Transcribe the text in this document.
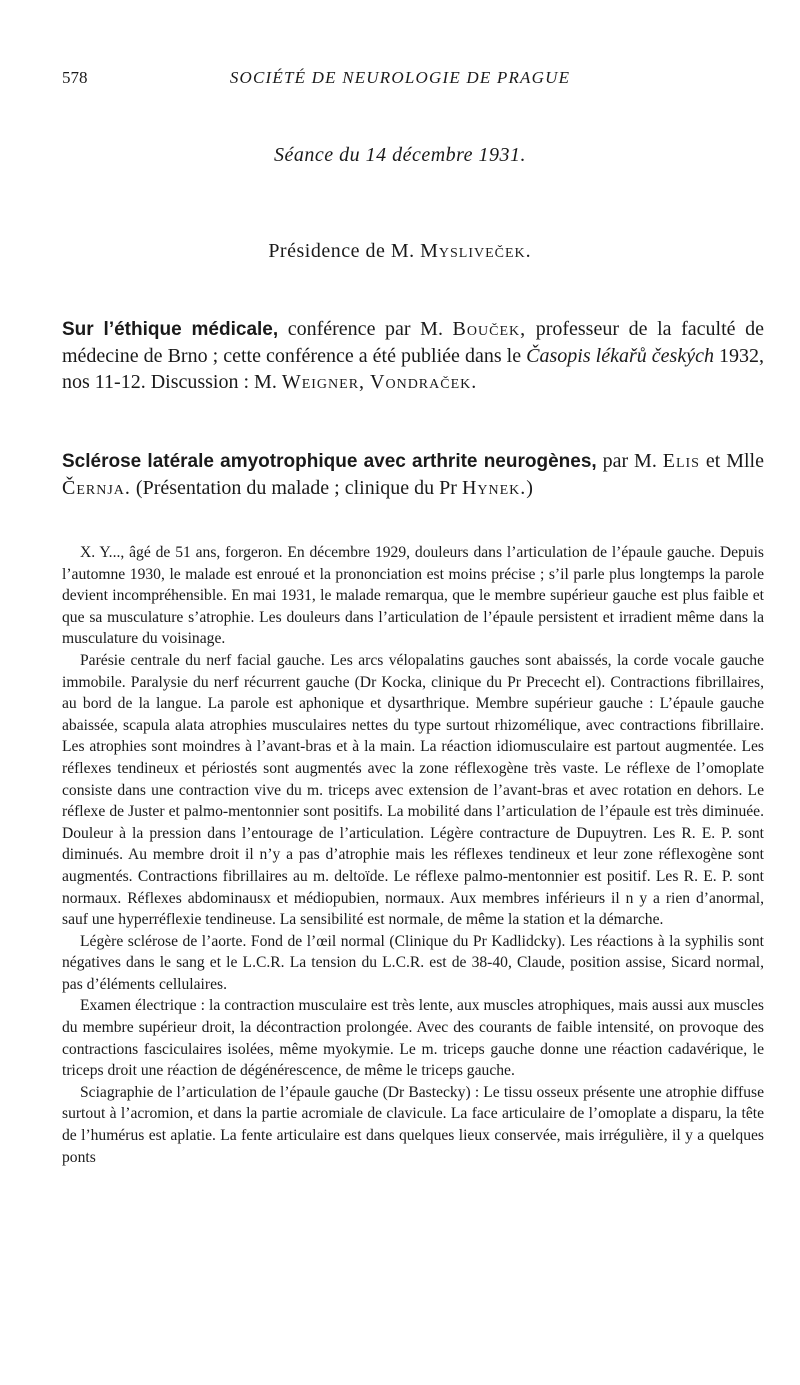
578	SOCIÉTÉ DE NEUROLOGIE DE PRAGUE
Séance du 14 décembre 1931.
Présidence de M. Mysliveček.
Sur l’éthique médicale, conférence par M. Bouček, professeur de la faculté de médecine de Brno ; cette conférence a été publiée dans le Časopis lékařů českých 1932, nos 11-12. Discussion : M. Weigner, Vondraček.
Sclérose latérale amyotrophique avec arthrite neurogènes, par M. Elis et Mlle Černja. (Présentation du malade ; clinique du Pr Hynek.)

X. Y..., âgé de 51 ans, forgeron. En décembre 1929, douleurs dans l’articulation de l’épaule gauche. Depuis l’automne 1930, le malade est enroué et la prononciation est moins précise ; s’il parle plus longtemps la parole devient incompréhensible. En mai 1931, le malade remarqua, que le membre supérieur gauche est plus faible et que sa musculature s’atrophie. Les douleurs dans l’articulation de l’épaule persistent et irradient même dans la musculature du voisinage.

Parésie centrale du nerf facial gauche. Les arcs vélopalatins gauches sont abaissés, la corde vocale gauche immobile. Paralysie du nerf récurrent gauche (Dr Kocka, clinique du Pr Prececht el). Contractions fibrillaires, au bord de la langue. La parole est aphonique et dysarthrique. Membre supérieur gauche : L’épaule gauche abaissée, scapula alata atrophies musculaires nettes du type surtout rhizomélique, avec contractions fibrillaire. Les atrophies sont moindres à l’avant-bras et à la main. La réaction idiomusculaire est partout augmentée. Les réflexes tendineux et périostés sont augmentés avec la zone réflexogène très vaste. Le réflexe de l’omoplate consiste dans une contraction vive du m. triceps avec extension de l’avant-bras et avec rotation en dehors. Le réflexe de Juster et palmo-mentonnier sont positifs. La mobilité dans l’articulation de l’épaule est très diminuée. Douleur à la pression dans l’entourage de l’articulation. Légère contracture de Dupuytren. Les R. E. P. sont diminués. Au membre droit il n’y a pas d’atrophie mais les réflexes tendineux et leur zone réflexogène sont augmentés. Contractions fibrillaires au m. deltoïde. Le réflexe palmo-mentonnier est positif. Les R. E. P. sont normaux. Réflexes abdominausx et médiopubien, normaux. Aux membres inférieurs il n y a rien d’anormal, sauf une hyperréflexie tendineuse. La sensibilité est normale, de même la station et la démarche.

Légère sclérose de l’aorte. Fond de l’œil normal (Clinique du Pr Kadlidcky). Les réactions à la syphilis sont négatives dans le sang et le L.C.R. La tension du L.C.R. est de 38-40, Claude, position assise, Sicard normal, pas d’éléments cellulaires.

Examen électrique : la contraction musculaire est très lente, aux muscles atrophiques, mais aussi aux muscles du membre supérieur droit, la décontraction prolongée. Avec des courants de faible intensité, on provoque des contractions fasciculaires isolées, même myokymie. Le m. triceps gauche donne une réaction cadavérique, le triceps droit une réaction de dégénérescence, de même le triceps gauche.

Sciagraphie de l’articulation de l’épaule gauche (Dr Bastecky) : Le tissu osseux présente une atrophie diffuse surtout à l’acromion, et dans la partie acromiale de clavicule. La face articulaire de l’omoplate a disparu, la tête de l’humérus est aplatie. La fente articulaire est dans quelques lieux conservée, mais irrégulière, il y a quelques ponts
